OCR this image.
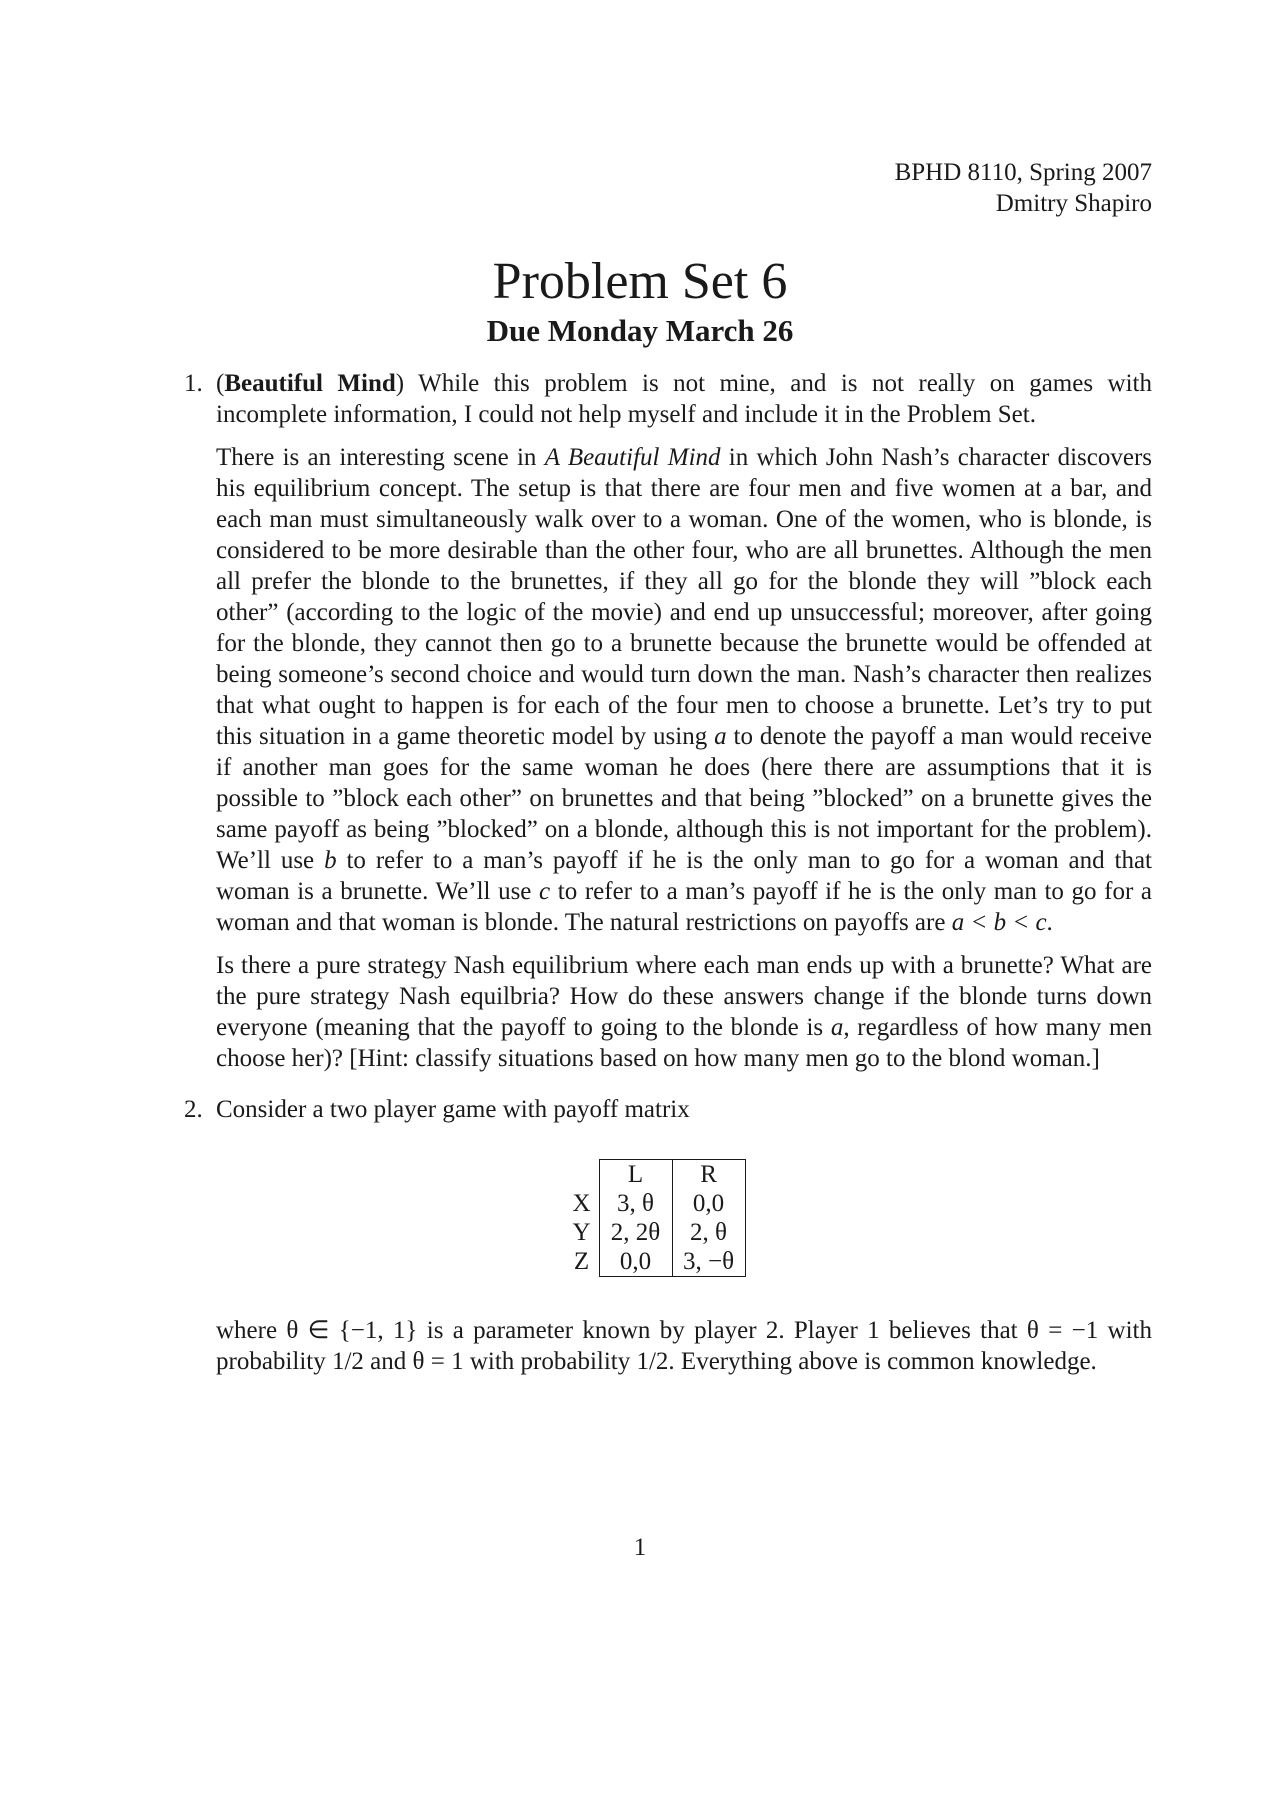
BPHD 8110, Spring 2007
Dmitry Shapiro
Problem Set 6
Due Monday March 26
1. (Beautiful Mind) While this problem is not mine, and is not really on games with incomplete information, I could not help myself and include it in the Problem Set.

There is an interesting scene in A Beautiful Mind in which John Nash’s character discovers his equilibrium concept. The setup is that there are four men and five women at a bar, and each man must simultaneously walk over to a woman. One of the women, who is blonde, is considered to be more desirable than the other four, who are all brunettes. Although the men all prefer the blonde to the brunettes, if they all go for the blonde they will ”block each other” (according to the logic of the movie) and end up unsuccessful; moreover, after going for the blonde, they cannot then go to a brunette because the brunette would be offended at being someone’s second choice and would turn down the man. Nash’s character then realizes that what ought to happen is for each of the four men to choose a brunette. Let’s try to put this situation in a game theoretic model by using a to denote the payoff a man would receive if another man goes for the same woman he does (here there are assumptions that it is possible to ”block each other” on brunettes and that being ”blocked” on a brunette gives the same payoff as being ”blocked” on a blonde, although this is not important for the problem). We’ll use b to refer to a man’s payoff if he is the only man to go for a woman and that woman is a brunette. We’ll use c to refer to a man’s payoff if he is the only man to go for a woman and that woman is blonde. The natural restrictions on payoffs are a < b < c.

Is there a pure strategy Nash equilibrium where each man ends up with a brunette? What are the pure strategy Nash equilbria? How do these answers change if the blonde turns down everyone (meaning that the payoff to going to the blonde is a, regardless of how many men choose her)? [Hint: classify situations based on how many men go to the blond woman.]

2. Consider a two player game with payoff matrix

	L	R
X	3, θ	0,0
Y	2, 2θ	2, θ
Z	0,0	3, −θ

where θ ∈ {−1, 1} is a parameter known by player 2. Player 1 believes that θ = −1 with probability 1/2 and θ = 1 with probability 1/2. Everything above is common knowledge.

1
